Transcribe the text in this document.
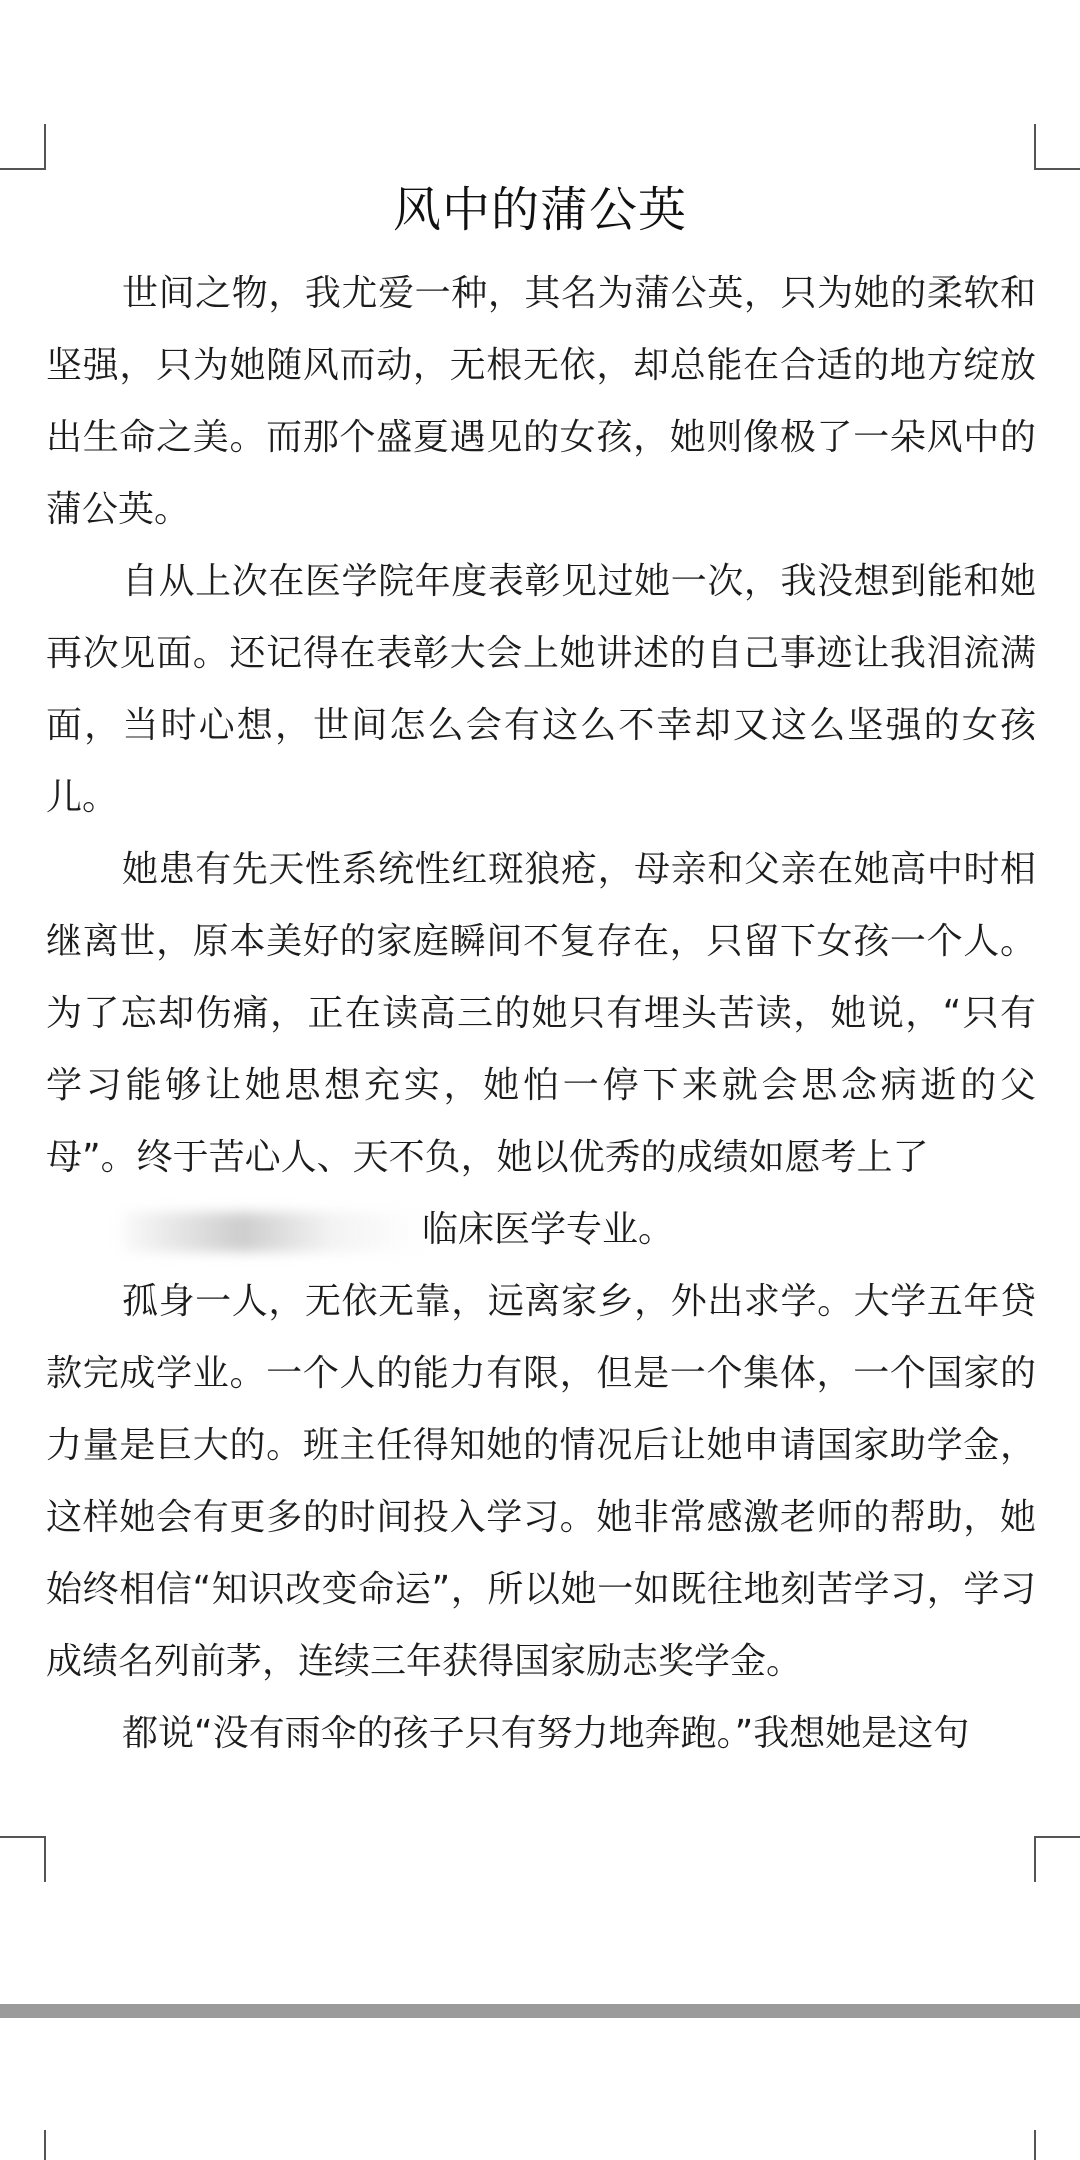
风中的蒲公英

世间之物，我尤爱一种，其名为蒲公英，只为她的柔软和坚强，只为她随风而动，无根无依，却总能在合适的地方绽放出生命之美。而那个盛夏遇见的女孩，她则像极了一朵风中的蒲公英。

自从上次在医学院年度表彰见过她一次，我没想到能和她再次见面。还记得在表彰大会上她讲述的自己事迹让我泪流满面，当时心想，世间怎么会有这么不幸却又这么坚强的女孩儿。

她患有先天性系统性红斑狼疮，母亲和父亲在她高中时相继离世，原本美好的家庭瞬间不复存在，只留下女孩一个人。为了忘却伤痛，正在读高三的她只有埋头苦读，她说，“只有学习能够让她思想充实，她怕一停下来就会思念病逝的父母”。终于苦心人、天不负，她以优秀的成绩如愿考上了

临床医学专业。

孤身一人，无依无靠，远离家乡，外出求学。大学五年贷款完成学业。一个人的能力有限，但是一个集体，一个国家的力量是巨大的。班主任得知她的情况后让她申请国家助学金，这样她会有更多的时间投入学习。她非常感激老师的帮助，她始终相信“知识改变命运”，所以她一如既往地刻苦学习，学习成绩名列前茅，连续三年获得国家励志奖学金。

都说“没有雨伞的孩子只有努力地奔跑。”我想她是这句
